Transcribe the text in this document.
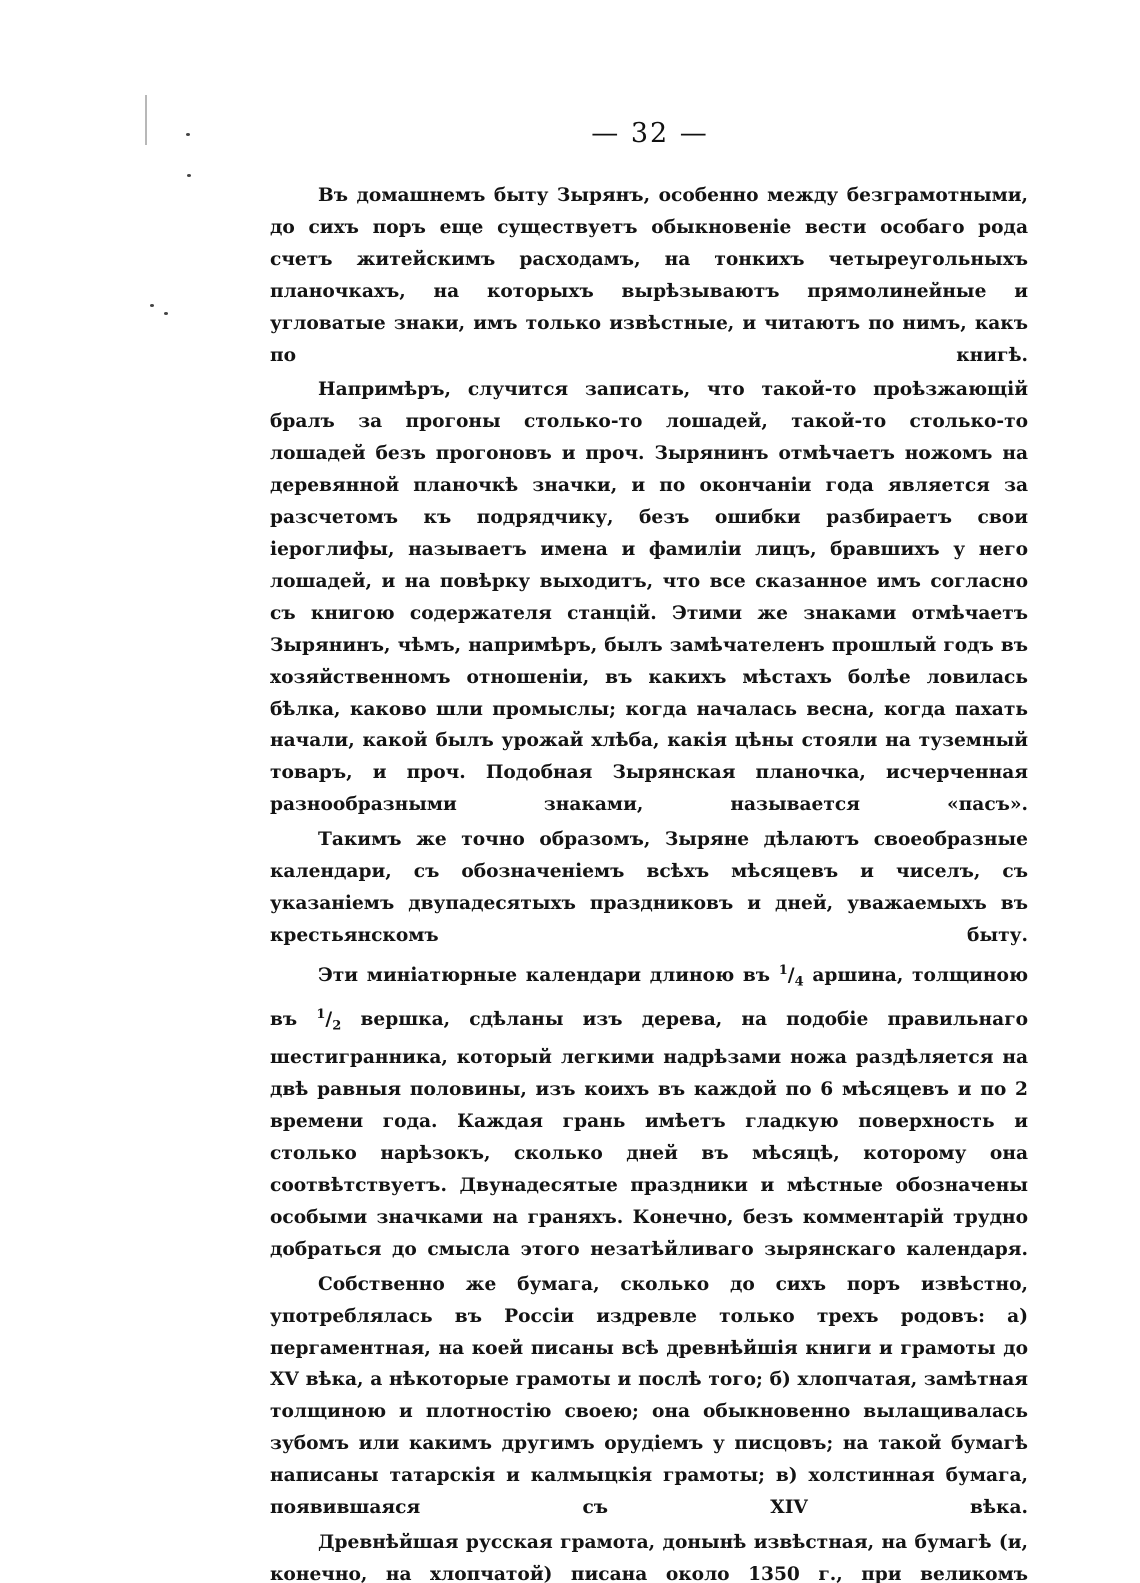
— 32 —

Въ домашнемъ быту Зырянъ, особенно между безграмотными, до сихъ поръ еще существуетъ обыкновеніе вести особаго рода счетъ житейскимъ расходамъ, на тонкихъ четыреугольныхъ планочкахъ, на которыхъ вырѣзываютъ прямолинейные и угловатые знаки, имъ только извѣстные, и читаютъ по нимъ, какъ по книгѣ.

Напримѣръ, случится записать, что такой-то проѣзжающій бралъ за прогоны столько-то лошадей, такой-то столько-то лошадей безъ прогоновъ и проч. Зырянинъ отмѣчаетъ ножомъ на деревянной планочкѣ значки, и по окончаніи года является за разсчетомъ къ подрядчику, безъ ошибки разбираетъ свои іероглифы, называетъ имена и фамиліи лицъ, бравшихъ у него лошадей, и на повѣрку выходитъ, что все сказанное имъ согласно съ книгою содержателя станцій. Этими же знаками отмѣчаетъ Зырянинъ, чѣмъ, напримѣръ, былъ замѣчателенъ прошлый годъ въ хозяйственномъ отношеніи, въ какихъ мѣстахъ болѣе ловилась бѣлка, каково шли промыслы; когда началась весна, когда пахать начали, какой былъ урожай хлѣба, какія цѣны стояли на туземный товаръ, и проч. Подобная Зырянская планочка, исчерченная разнообразными знаками, называется «пасъ».

Такимъ же точно образомъ, Зыряне дѣлаютъ своеобразные календари, съ обозначеніемъ всѣхъ мѣсяцевъ и чиселъ, съ указаніемъ двупадесятыхъ праздниковъ и дней, уважаемыхъ въ крестьянскомъ быту.

Эти миніатюрные календари длиною въ $^1/_4$ аршина, толщиною въ $^1/_2$ вершка, сдѣланы изъ дерева, на подобіе правильнаго шестигранника, который легкими надрѣзами ножа раздѣляется на двѣ равныя половины, изъ коихъ въ каждой по 6 мѣсяцевъ и по 2 времени года. Каждая грань имѣетъ гладкую поверхность и столько нарѣзокъ, сколько дней въ мѣсяцѣ, которому она соотвѣтствуетъ. Двунадесятые праздники и мѣстные обозначены особыми значками на граняхъ. Конечно, безъ комментарій трудно добраться до смысла этого незатѣйливаго зырянскаго календаря.

Собственно же бумага, сколько до сихъ поръ извѣстно, употреблялась въ Россіи издревле только трехъ родовъ: а) пергаментная, на коей писаны всѣ древнѣйшія книги и грамоты до XV вѣка, а нѣкоторые грамоты и послѣ того; б) хлопчатая, замѣтная толщиною и плотностію своею; она обыкновенно вылащивалась зубомъ или какимъ другимъ орудіемъ у писцовъ; на такой бумагѣ написаны татарскія и калмыцкія грамоты; в) холстинная бумага, появившаяся съ XIV вѣка.

Древнѣйшая русская грамота, донынѣ извѣстная, на бумагѣ (и, конечно, на хлопчатой) писана около 1350 г., при великомъ
